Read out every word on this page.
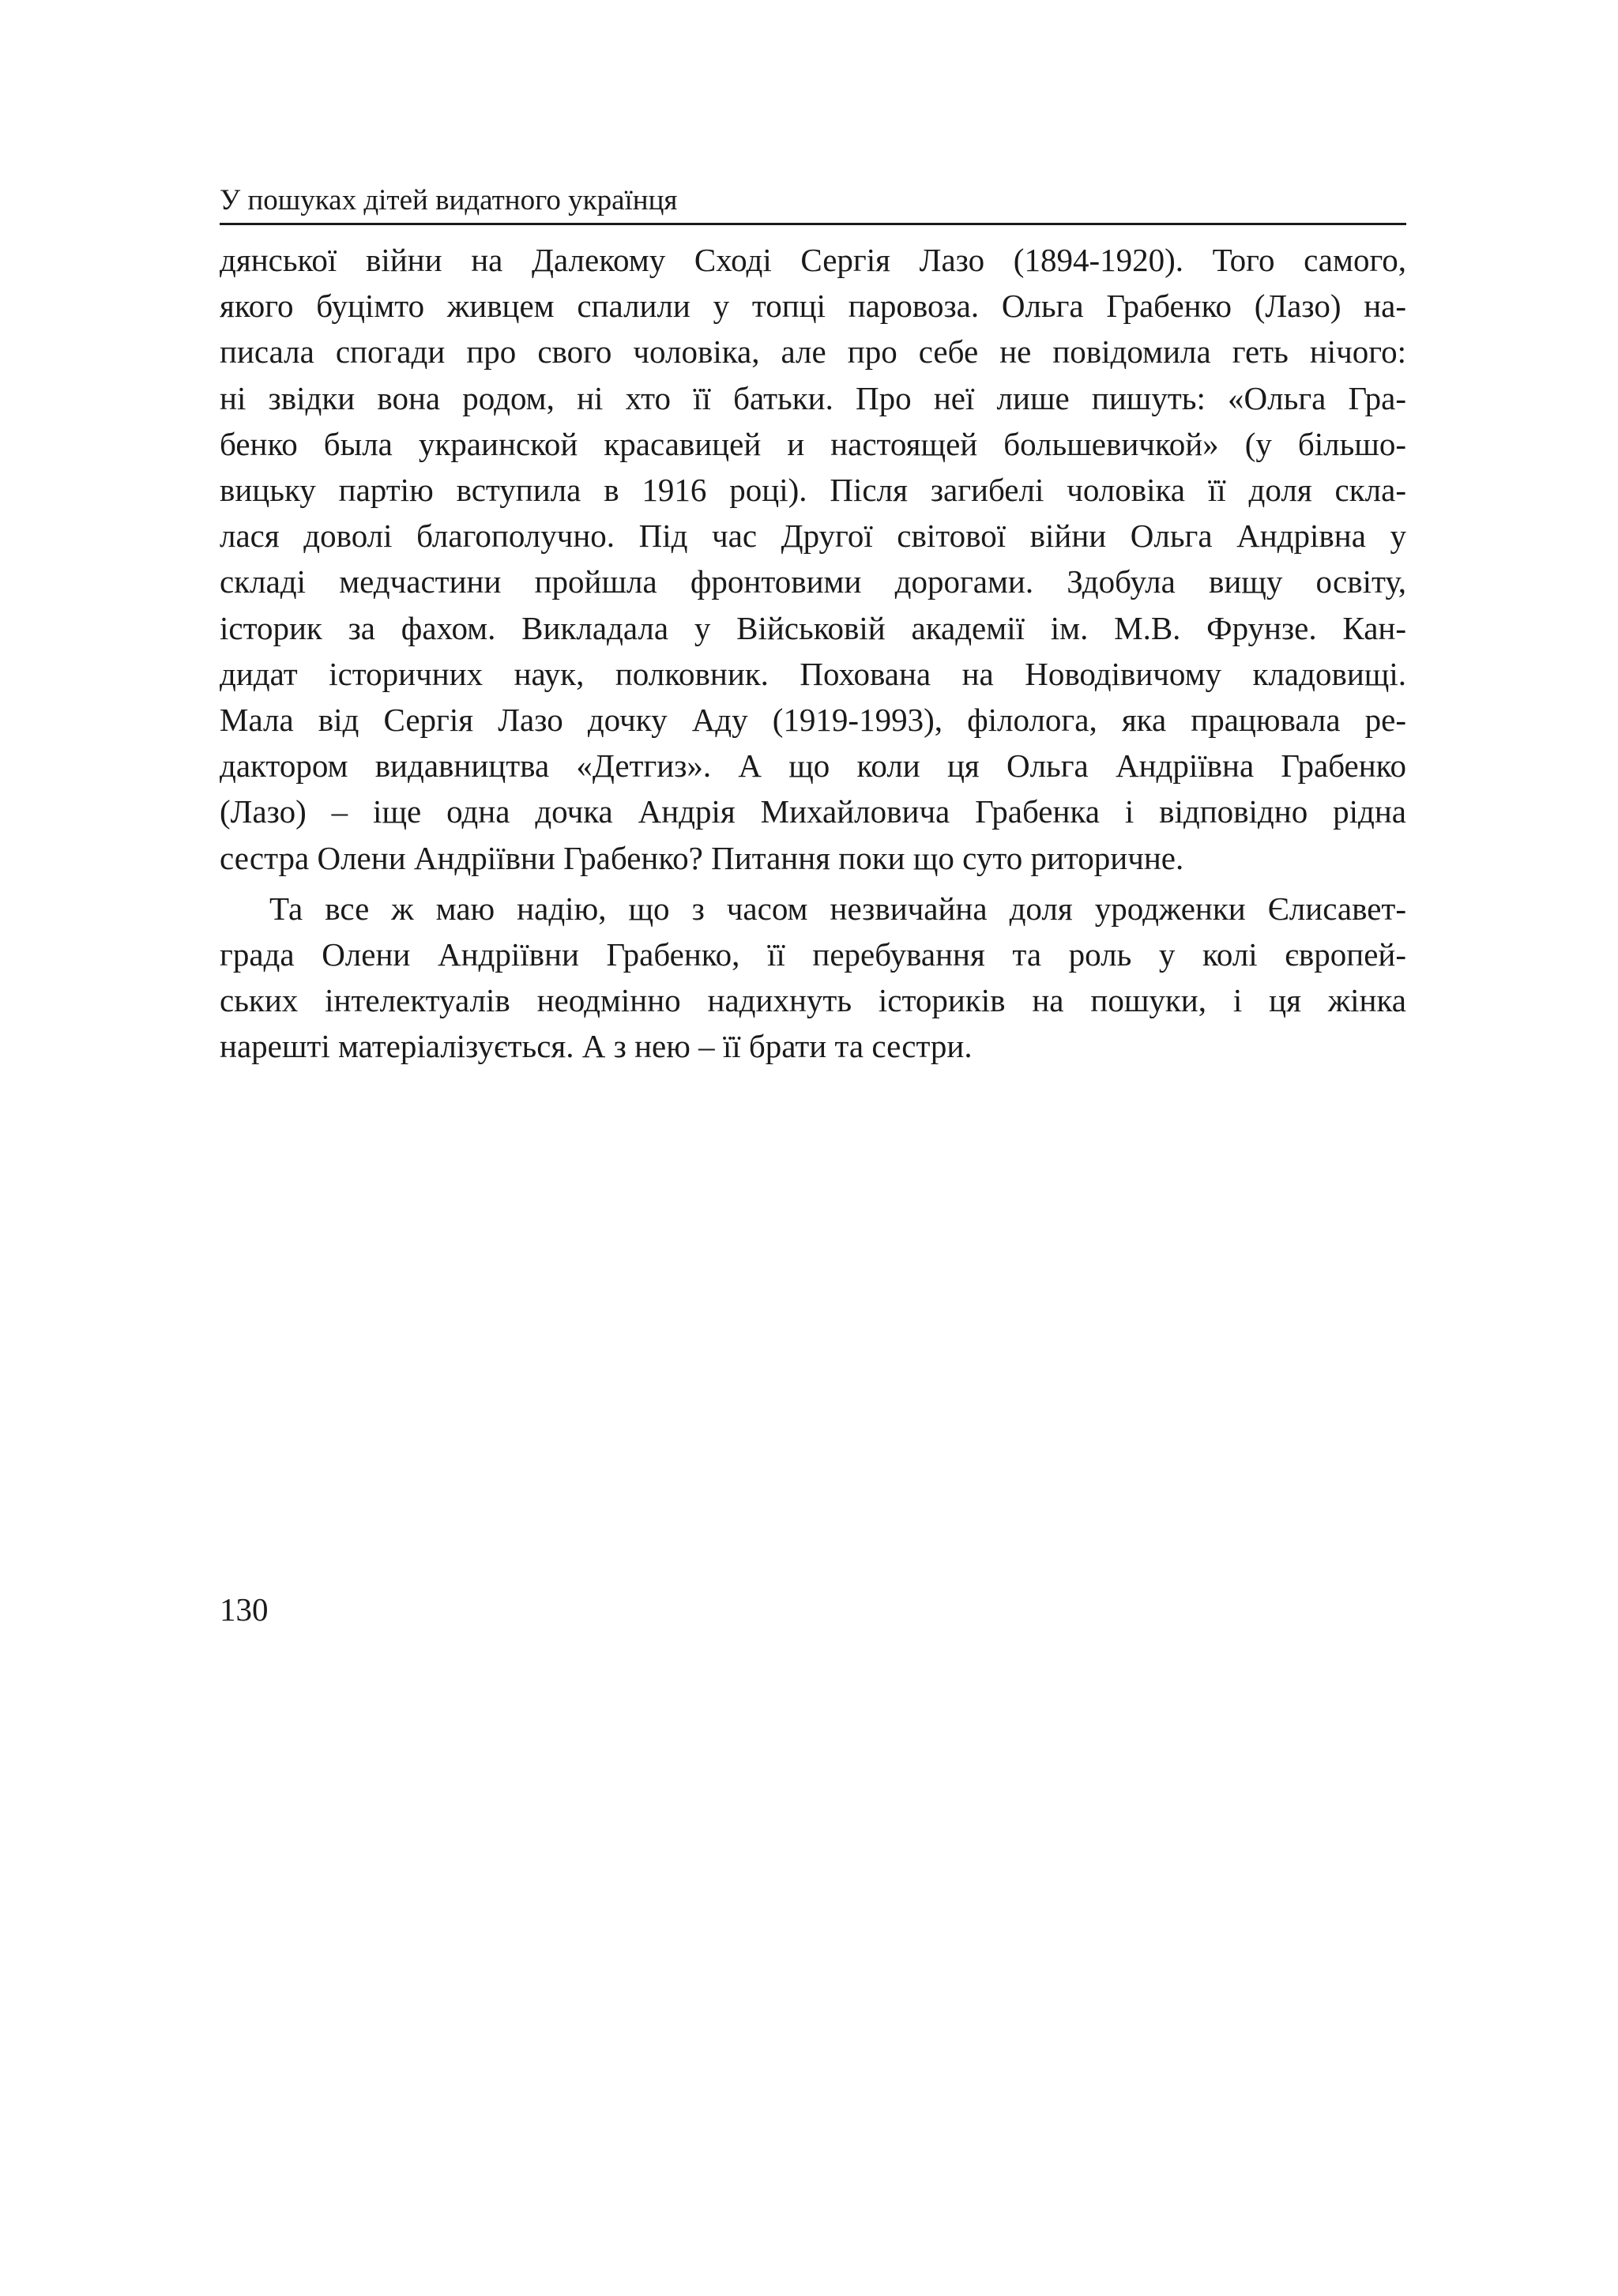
У пошуках дітей видатного українця

дянської війни на Далекому Сході Сергія Лазо (1894-1920). Того самого,
якого буцімто живцем спалили у топці паровоза. Ольга Грабенко (Лазо) на-
писала спогади про свого чоловіка, але про себе не повідомила геть нічого:
ні звідки вона родом, ні хто її батьки. Про неї лише пишуть: «Ольга Гра-
бенко была украинской красавицей и настоящей большевичкой» (у більшо-
вицьку партію вступила в 1916 році). Після загибелі чоловіка її доля скла-
лася доволі благополучно. Під час Другої світової війни Ольга Андрівна у
складі медчастини пройшла фронтовими дорогами. Здобула вищу освіту,
історик за фахом. Викладала у Військовій академії ім. М.В. Фрунзе. Кан-
дидат історичних наук, полковник. Похована на Новодівичому кладовищі.
Мала від Сергія Лазо дочку Аду (1919-1993), філолога, яка працювала ре-
дактором видавництва «Детгиз». А що коли ця Ольга Андріївна Грабенко
(Лазо) – іще одна дочка Андрія Михайловича Грабенка і відповідно рідна
сестра Олени Андріївни Грабенко? Питання поки що суто риторичне.

Та все ж маю надію, що з часом незвичайна доля уродженки Єлисавет-
града Олени Андріївни Грабенко, її перебування та роль у колі європей-
ських інтелектуалів неодмінно надихнуть істориків на пошуки, і ця жінка
нарешті матеріалізується. А з нею – її брати та сестри.

130
